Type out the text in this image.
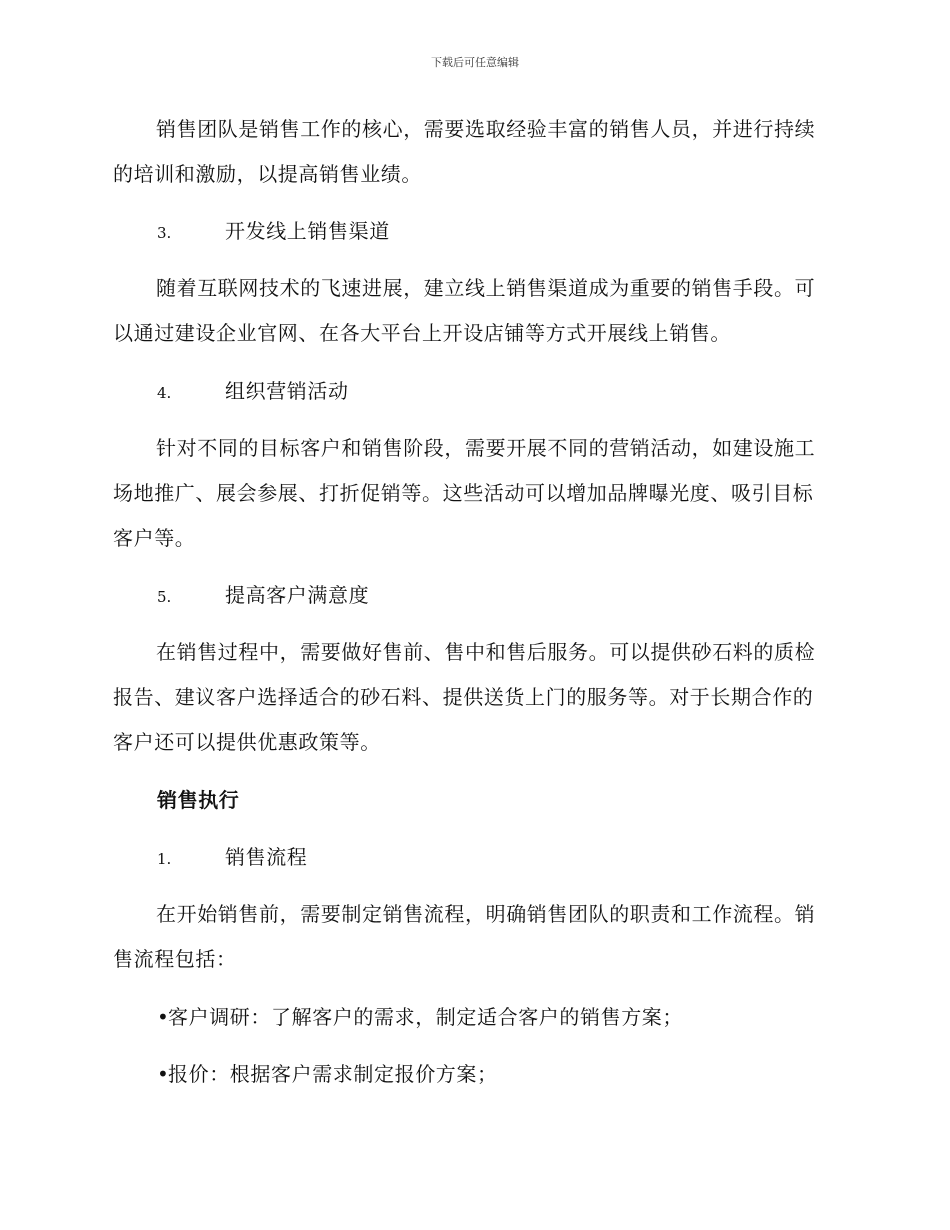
下载后可任意编辑
销售团队是销售工作的核心，需要选取经验丰富的销售人员，并进行持续的培训和激励，以提高销售业绩。
3.	开发线上销售渠道
随着互联网技术的飞速进展，建立线上销售渠道成为重要的销售手段。可以通过建设企业官网、在各大平台上开设店铺等方式开展线上销售。
4.	组织营销活动
针对不同的目标客户和销售阶段，需要开展不同的营销活动，如建设施工场地推广、展会参展、打折促销等。这些活动可以增加品牌曝光度、吸引目标客户等。
5.	提高客户满意度
在销售过程中，需要做好售前、售中和售后服务。可以提供砂石料的质检报告、建议客户选择适合的砂石料、提供送货上门的服务等。对于长期合作的客户还可以提供优惠政策等。
销售执行
1.	销售流程
在开始销售前，需要制定销售流程，明确销售团队的职责和工作流程。销售流程包括：
•客户调研：了解客户的需求，制定适合客户的销售方案；
•报价：根据客户需求制定报价方案；
